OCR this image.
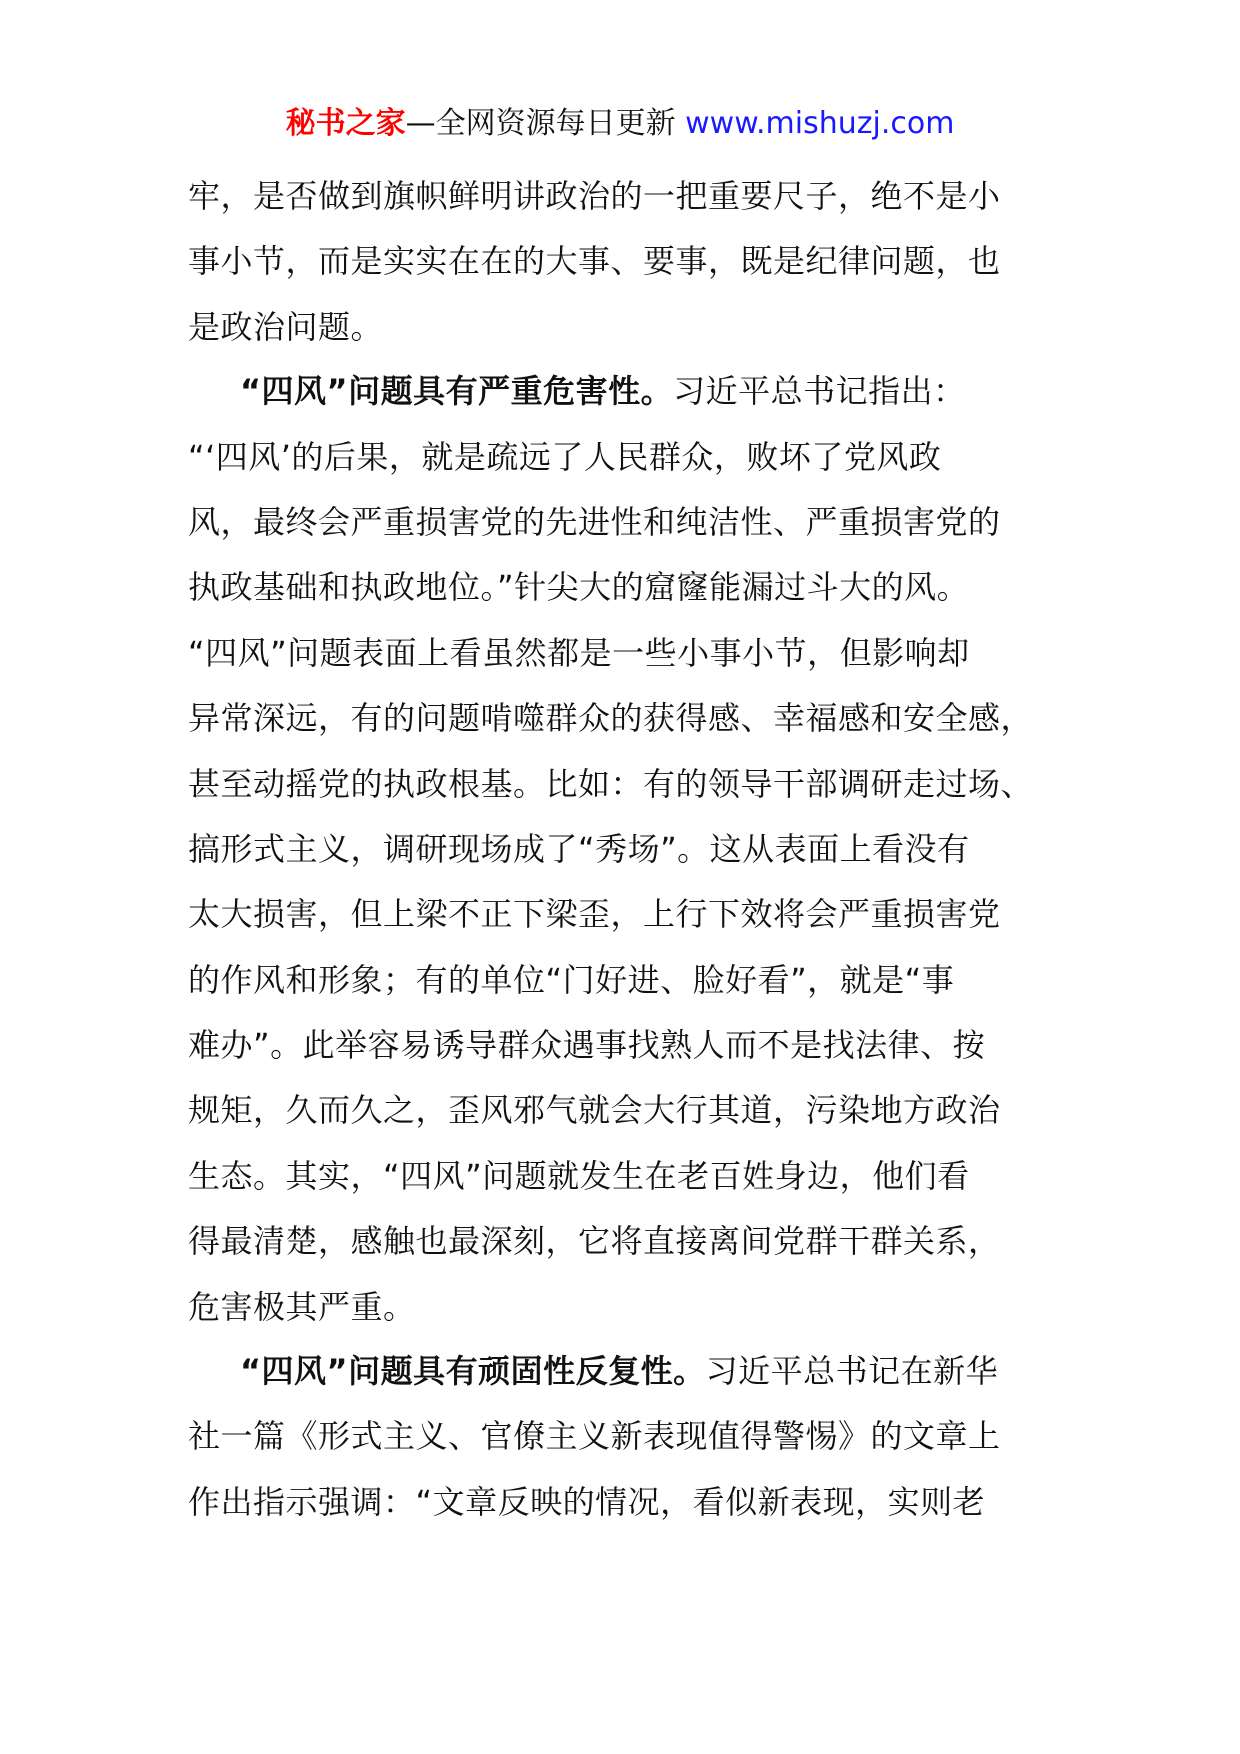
秘书之家—全网资源每日更新 www.mishuzj.com
牢，是否做到旗帜鲜明讲政治的一把重要尺子，绝不是小
事小节，而是实实在在的大事、要事，既是纪律问题，也
是政治问题。
“四风”问题具有严重危害性。习近平总书记指出：
“‘四风’的后果，就是疏远了人民群众，败坏了党风政
风，最终会严重损害党的先进性和纯洁性、严重损害党的
执政基础和执政地位。”针尖大的窟窿能漏过斗大的风。
“四风”问题表面上看虽然都是一些小事小节，但影响却
异常深远，有的问题啃噬群众的获得感、幸福感和安全感，
甚至动摇党的执政根基。比如：有的领导干部调研走过场、
搞形式主义，调研现场成了“秀场”。这从表面上看没有
太大损害，但上梁不正下梁歪，上行下效将会严重损害党
的作风和形象；有的单位“门好进、脸好看”，就是“事
难办”。此举容易诱导群众遇事找熟人而不是找法律、按
规矩，久而久之，歪风邪气就会大行其道，污染地方政治
生态。其实，“四风”问题就发生在老百姓身边，他们看
得最清楚，感触也最深刻，它将直接离间党群干群关系，
危害极其严重。
“四风”问题具有顽固性反复性。习近平总书记在新华
社一篇《形式主义、官僚主义新表现值得警惕》的文章上
作出指示强调：“文章反映的情况，看似新表现，实则老
